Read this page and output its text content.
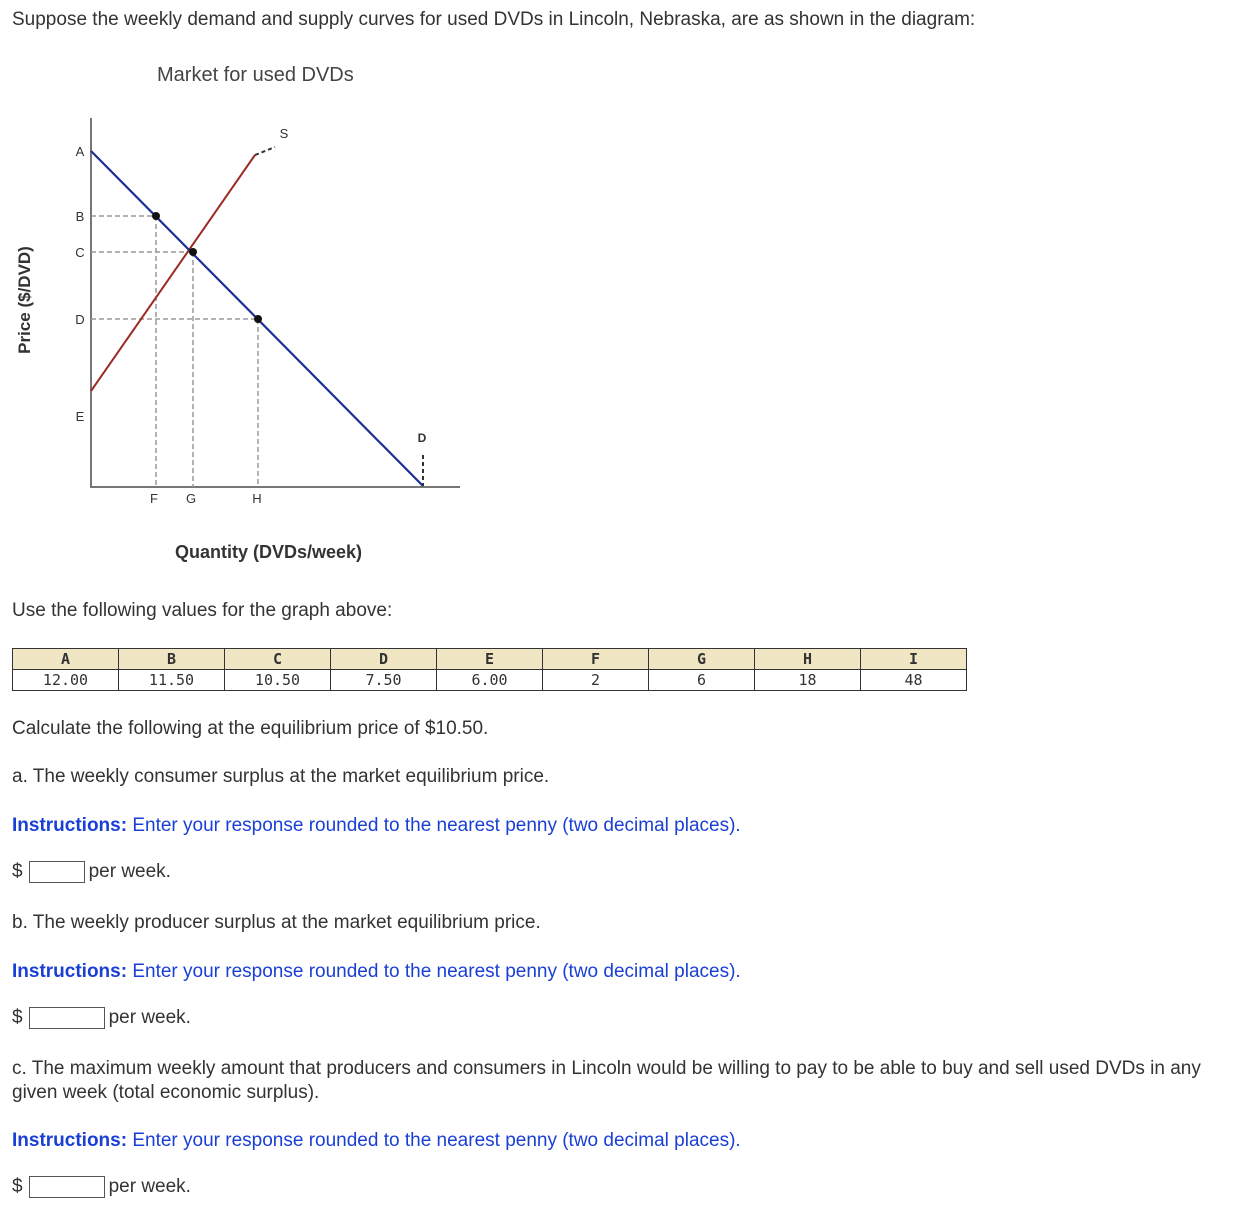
Suppose the weekly demand and supply curves for used DVDs in Lincoln, Nebraska, are as shown in the diagram:

Market for used DVDs
Price ($/DVD)
Quantity (DVDs/week)
A
B
C
D
E
F G	H
S
D

Use the following values for the graph above:

A	B	C	D	E	F	G	H	I
12.00	11.50	10.50	7.50	6.00	2	6	18	48

Calculate the following at the equilibrium price of $10.50.

a. The weekly consumer surplus at the market equilibrium price.

Instructions: Enter your response rounded to the nearest penny (two decimal places).

$	per week.

b. The weekly producer surplus at the market equilibrium price.

Instructions: Enter your response rounded to the nearest penny (two decimal places).

$	per week.

c. The maximum weekly amount that producers and consumers in Lincoln would be willing to pay to be able to buy and sell used DVDs in any given week (total economic surplus).

Instructions: Enter your response rounded to the nearest penny (two decimal places).

$	per week.
